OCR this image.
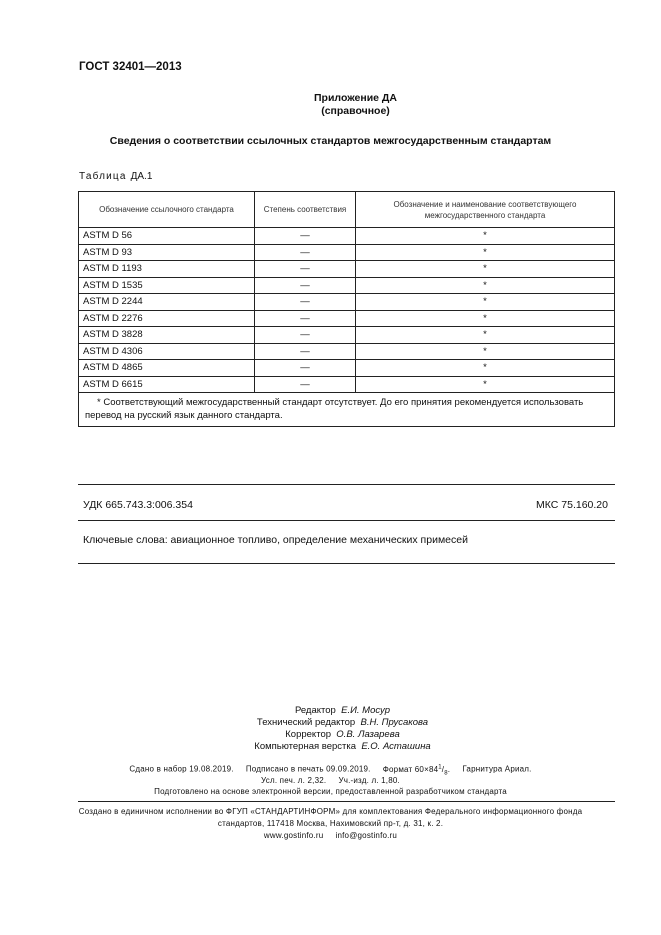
ГОСТ 32401—2013
Приложение ДА
(справочное)
Сведения о соответствии ссылочных стандартов межгосударственным стандартам
Таблица ДА.1
Обозначение ссылочного стандарта	Степень соответствия	Обозначение и наименование соответствующего межгосударственного стандарта
ASTM D 56	—	*
ASTM D 93	—	*
ASTM D 1193	—	*
ASTM D 1535	—	*
ASTM D 2244	—	*
ASTM D 2276	—	*
ASTM D 3828	—	*
ASTM D 4306	—	*
ASTM D 4865	—	*
ASTM D 6615	—	*
* Соответствующий межгосударственный стандарт отсутствует. До его принятия рекомендуется использовать перевод на русский язык данного стандарта.		
УДК 665.743.3:006.354	МКС 75.160.20
Ключевые слова: авиационное топливо, определение механических примесей
Редактор Е.И. Мосур
Технический редактор В.Н. Прусакова
Корректор О.В. Лазарева
Компьютерная верстка Е.О. Асташина
Сдано в набор 19.08.2019. Подписано в печать 09.09.2019. Формат $60\times 84^1/_8$. Гарнитура Ариал.
Усл. печ. л. 2,32. Уч.-изд. л. 1,80.
Подготовлено на основе электронной версии, предоставленной разработчиком стандарта
Создано в единичном исполнении во ФГУП «СТАНДАРТИНФОРМ» для комплектования Федерального информационного фонда
стандартов, 117418 Москва, Нахимовский пр-т, д. 31, к. 2.
www.gostinfo.ru info@gostinfo.ru
